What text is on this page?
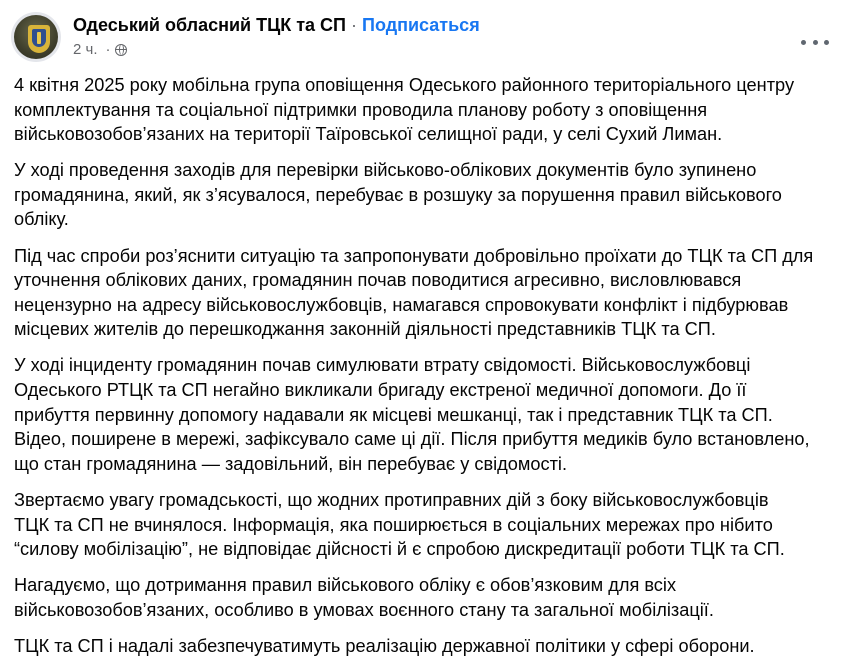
Одеський обласний ТЦК та СП · Подписаться
2 ч. ·
4 квітня 2025 року мобільна група оповіщення Одеського районного територіального центру
комплектування та соціальної підтримки проводила планову роботу з оповіщення
військовозобов’язаних на території Таїровської селищної ради, у селі Сухий Лиман.
У ході проведення заходів для перевірки військово-облікових документів було зупинено
громадянина, який, як з’ясувалося, перебуває в розшуку за порушення правил військового
обліку.
Під час спроби роз’яснити ситуацію та запропонувати добровільно проїхати до ТЦК та СП для
уточнення облікових даних, громадянин почав поводитися агресивно, висловлювався
нецензурно на адресу військовослужбовців, намагався спровокувати конфлікт і підбурював
місцевих жителів до перешкоджання законній діяльності представників ТЦК та СП.
У ході інциденту громадянин почав симулювати втрату свідомості. Військовослужбовці
Одеського РТЦК та СП негайно викликали бригаду екстреної медичної допомоги. До її
прибуття первинну допомогу надавали як місцеві мешканці, так і представник ТЦК та СП.
Відео, поширене в мережі, зафіксувало саме ці дії. Після прибуття медиків було встановлено,
що стан громадянина — задовільний, він перебуває у свідомості.
Звертаємо увагу громадськості, що жодних протиправних дій з боку військовослужбовців
ТЦК та СП не вчинялося. Інформація, яка поширюється в соціальних мережах про нібито
“силову мобілізацію”, не відповідає дійсності й є спробою дискредитації роботи ТЦК та СП.
Нагадуємо, що дотримання правил військового обліку є обов’язковим для всіх
військовозобов’язаних, особливо в умовах воєнного стану та загальної мобілізації.
ТЦК та СП і надалі забезпечуватимуть реалізацію державної політики у сфері оборони.
